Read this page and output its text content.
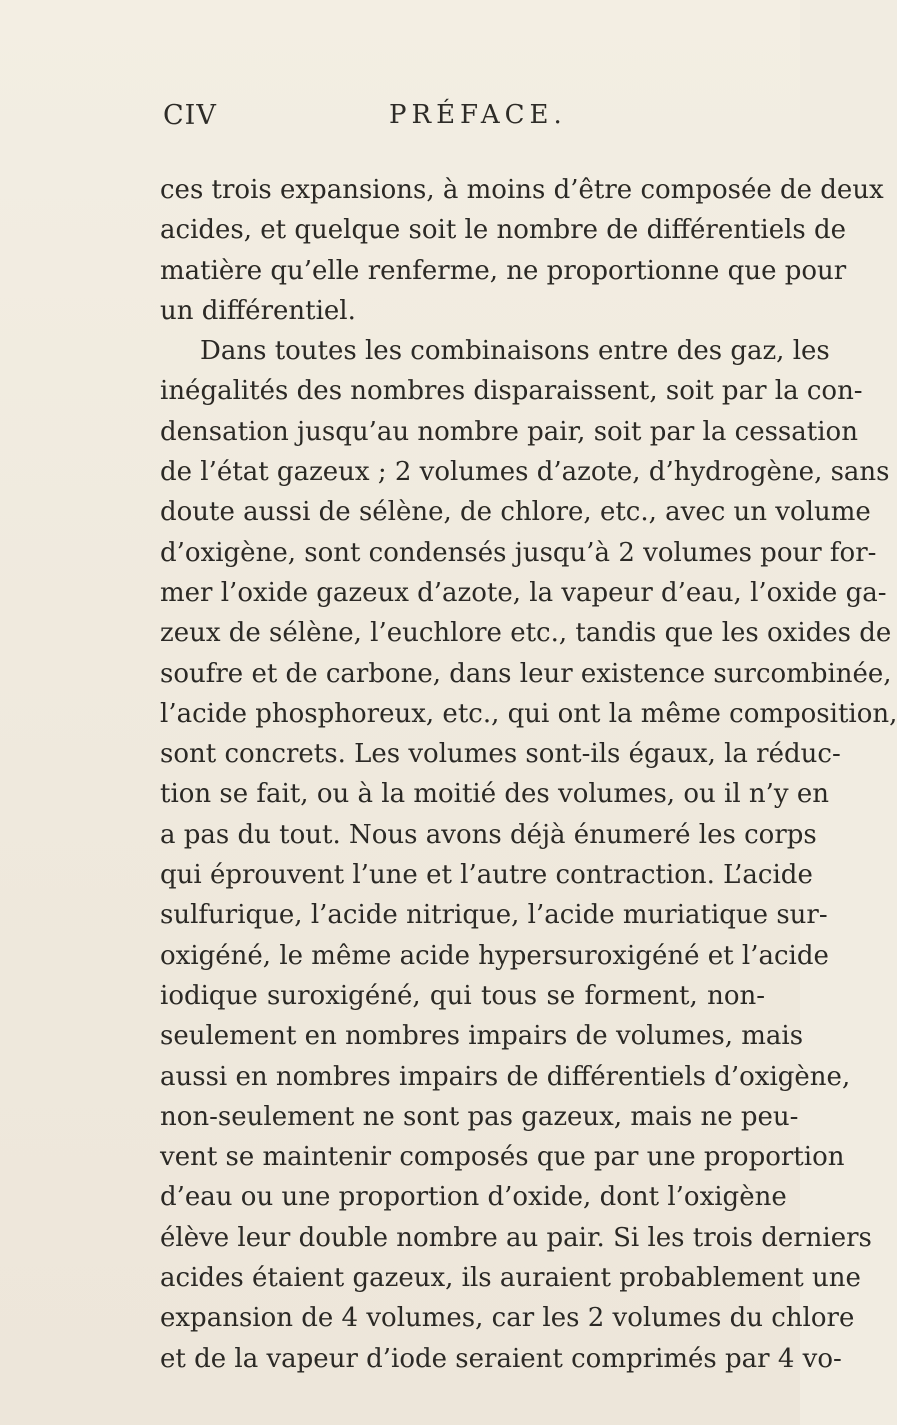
CIV	PRÉFACE.
ces trois expansions, à moins d’être composée de deux
acides, et quelque soit le nombre de différentiels de
matière qu’elle renferme, ne proportionne que pour
un différentiel.
Dans toutes les combinaisons entre des gaz, les
inégalités des nombres disparaissent, soit par la con-
densation jusqu’au nombre pair, soit par la cessation
de l’état gazeux ; 2 volumes d’azote, d’hydrogène, sans
doute aussi de sélène, de chlore, etc., avec un volume
d’oxigène, sont condensés jusqu’à 2 volumes pour for-
mer l’oxide gazeux d’azote, la vapeur d’eau, l’oxide ga-
zeux de sélène, l’euchlore etc., tandis que les oxides de
soufre et de carbone, dans leur existence surcombinée,
l’acide phosphoreux, etc., qui ont la même composition,
sont concrets. Les volumes sont-ils égaux, la réduc-
tion se fait, ou à la moitié des volumes, ou il n’y en
a pas du tout. Nous avons déjà énumeré les corps
qui éprouvent l’une et l’autre contraction. L’acide
sulfurique, l’acide nitrique, l’acide muriatique sur-
oxigéné, le même acide hypersuroxigéné et l’acide
iodique suroxigéné, qui tous se forment, non-
seulement en nombres impairs de volumes, mais
aussi en nombres impairs de différentiels d’oxigène,
non-seulement ne sont pas gazeux, mais ne peu-
vent se maintenir composés que par une proportion
d’eau ou une proportion d’oxide, dont l’oxigène
élève leur double nombre au pair. Si les trois derniers
acides étaient gazeux, ils auraient probablement une
expansion de 4 volumes, car les 2 volumes du chlore
et de la vapeur d’iode seraient comprimés par 4 vo-
